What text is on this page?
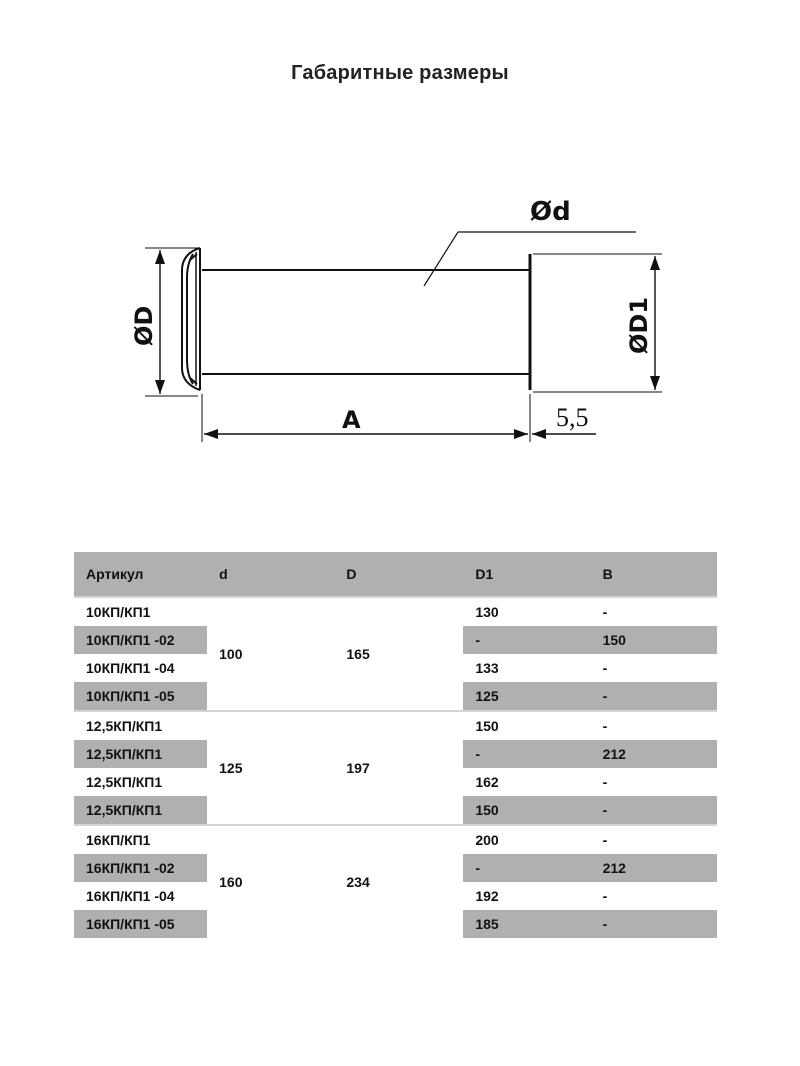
Габаритные размеры
Ød
ØD	ØD1
A	5,5
Артикул	d	D	D1	B
10КП/КП1	100	165	130	-
10КП/КП1 -02			-	150
10КП/КП1 -04			133	-
10КП/КП1 -05			125	-
12,5КП/КП1	125	197	150	-
12,5КП/КП1			-	212
12,5КП/КП1			162	-
12,5КП/КП1			150	-
16КП/КП1	160	234	200	-
16КП/КП1 -02			-	212
16КП/КП1 -04			192	-
16КП/КП1 -05			185	-
